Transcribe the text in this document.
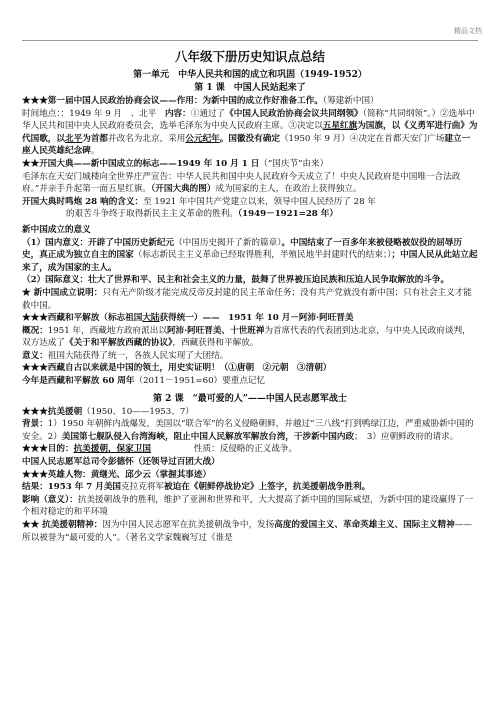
精品文档
八年级下册历史知识点总结
第一单元　中华人民共和国的成立和巩固（1949-1952）
第 1 课　中国人民站起来了

★★★第一届中国人民政治协商会议——作用：为新中国的成立作好准备工作。（筹建新中国）

时间地点：：1949 年 9 月　、北平　内容：①通过了《中国人民政治协商会议共同纲领》（简称“共同纲领”。）②选举中华人民共和国中央人民政府委员会，选举毛泽东为中央人民政府主席。③决定以五星红旗为国旗，以《义勇军进行曲》为代国歌，以北平为首都并改名为北京，采用公元纪年。国徽没有确定（1950 年 9 月）④决定在首都天安门广场建立一座人民英雄纪念碑。

★★开国大典——新中国成立的标志——1949 年 10 月 1 日（“国庆节”由来）

毛泽东在天安门城楼向全世界庄严宣告：中华人民共和国中央人民政府今天成立了！中央人民政府是中国唯一合法政府。”并亲手升起第一面五星红旗。（开国大典的图）成为国家的主人，在政治上获得独立。

开国大典时鸣炮 28 响的含义：至 1921 年中国共产党建立以来，领导中国人民经历了 28 年

的艰苦斗争终于取得新民主主义革命的胜利。（1949－1921=28 年）

新中国成立的意义

（1）国内意义：开辟了中国历史新纪元（中国历史揭开了新的篇章）。中国结束了一百多年来被侵略被奴役的屈辱历史，真正成为独立自主的国家（标志新民主主义革命已经取得胜利，半殖民地半封建时代的结束；）；中国人民从此站立起来了，成为国家的主人。

（2）国际意义：壮大了世界和平、民主和社会主义的力量，鼓舞了世界被压迫民族和压迫人民争取解放的斗争。

★ 新中国成立说明：只有无产阶级才能完成反帝反封建的民主革命任务；没有共产党就没有新中国；只有社会主义才能救中国。

★★★西藏和平解放（标志祖国大陆获得统一）——　1951 年 10 月－阿沛·阿旺晋美

概况：1951 年，西藏地方政府派出以阿沛·阿旺晋美、十世班禅为首席代表的代表团到达北京，与中央人民政府谈判，双方达成了《关于和平解放西藏的协议》，西藏获得和平解放。

意义：祖国大陆获得了统一，各族人民实现了大团结。

★★★西藏自古以来就是中国的领土，用史实证明！（①唐朝　②元朝　③清朝）

今年是西藏和平解放 60 周年（2011－1951=60）要重点记忆

第 2 课　“最可爱的人”——中国人民志愿军战士

★★★抗美援朝（1950、10——1953、7）

背景：1）1950 年朝鲜内战爆发，美国以“联合军”的名义侵略朝鲜，并越过“三八线”打到鸭绿江边，严重威胁新中国的安全。2）美国第七舰队侵入台湾海峡，阻止中国人民解放军解放台湾，干涉新中国内政；　3）应朝鲜政府的请求。

★★★目的：抗美援朝，保家卫国　　　　　性质：反侵略的正义战争。

中国人民志愿军总司令彭德怀（还领导过百团大战）

★★★英雄人物：黄继光、邱少云（掌握其事迹）

结果：1953 年 7 月美国克拉克将军被迫在《朝鲜停战协定》上签字，抗美援朝战争胜利。

影响（意义）：抗美援朝战争的胜利，维护了亚洲和世界和平，大大提高了新中国的国际威望，为新中国的建设赢得了一个相对稳定的和平环境

★★ 抗美援朝精神：因为中国人民志愿军在抗美援朝战争中，发扬高度的爱国主义、革命英雄主义、国际主义精神——所以被誉为“最可爱的人”。（著名文学家魏巍写过《谁是
